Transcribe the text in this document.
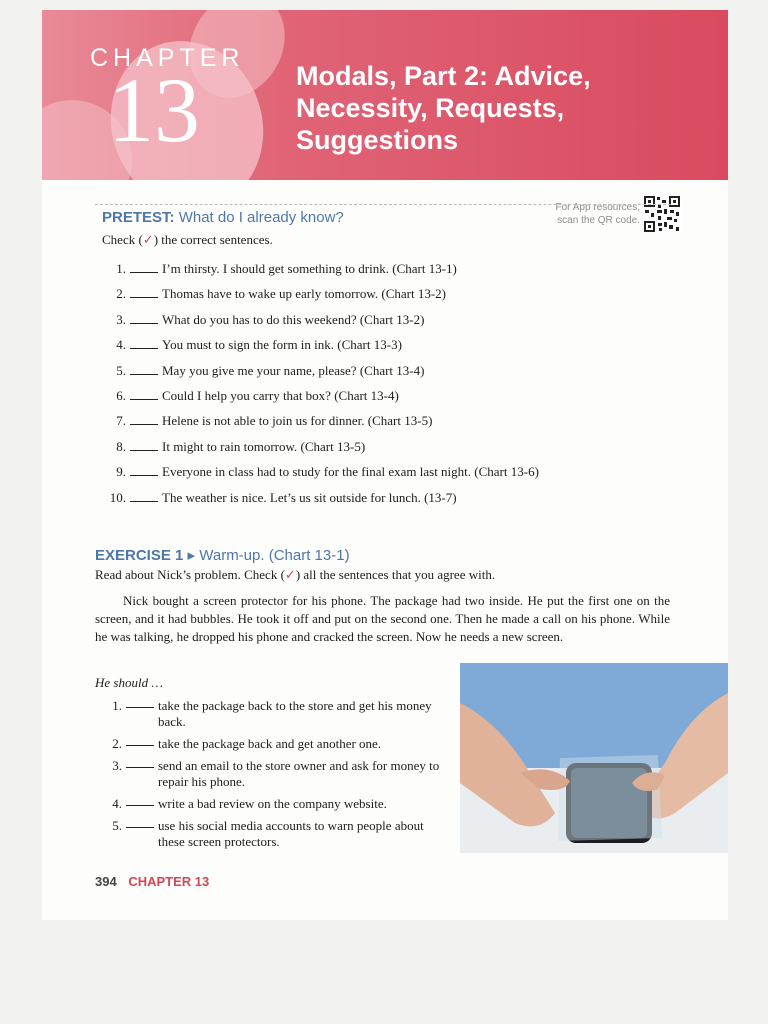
CHAPTER
13	Modals, Part 2: Advice,
Necessity, Requests,
Suggestions
For App resources,
scan the QR code.
PRETEST: What do I already know?
Check (✓) the correct sentences.
1.	I’m thirsty. I should get something to drink. (Chart 13-1)
2.	Thomas have to wake up early tomorrow. (Chart 13-2)
3.	What do you has to do this weekend? (Chart 13-2)
4.	You must to sign the form in ink. (Chart 13-3)
5.	May you give me your name, please? (Chart 13-4)
6.	Could I help you carry that box? (Chart 13-4)
7.	Helene is not able to join us for dinner. (Chart 13-5)
8.	It might to rain tomorrow. (Chart 13-5)
9.	Everyone in class had to study for the final exam last night. (Chart 13-6)
10.	The weather is nice. Let’s us sit outside for lunch. (13-7)
EXERCISE 1 ▸ Warm-up. (Chart 13-1)
Read about Nick’s problem. Check (✓) all the sentences that you agree with.

Nick bought a screen protector for his phone. The package had two inside. He put the first one on the screen, and it had bubbles. He took it off and put on the second one. Then he made a call on his phone. While he was talking, he dropped his phone and cracked the screen. Now he needs a new screen.

He should …
1.	take the package back to the store and get his money back.
2.	take the package back and get another one.
3.	send an email to the store owner and ask for money to repair his phone.
4.	write a bad review on the company website.
5.	use his social media accounts to warn people about these screen protectors.
394 CHAPTER 13
